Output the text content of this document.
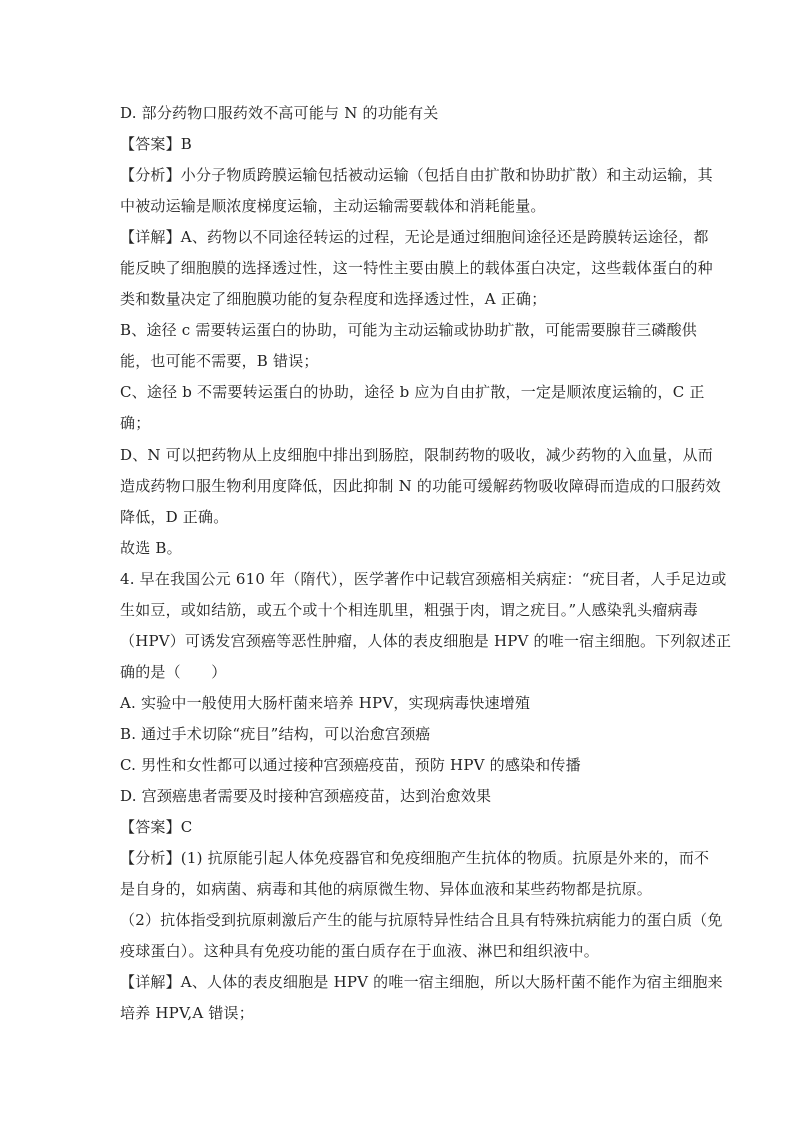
D. 部分药物口服药效不高可能与 N 的功能有关
【答案】B
【分析】小分子物质跨膜运输包括被动运输（包括自由扩散和协助扩散）和主动运输，其
中被动运输是顺浓度梯度运输，主动运输需要载体和消耗能量。
【详解】A、药物以不同途径转运的过程，无论是通过细胞间途径还是跨膜转运途径，都
能反映了细胞膜的选择透过性，这一特性主要由膜上的载体蛋白决定，这些载体蛋白的种
类和数量决定了细胞膜功能的复杂程度和选择透过性，A 正确；
B、途径 c 需要转运蛋白的协助，可能为主动运输或协助扩散，可能需要腺苷三磷酸供
能，也可能不需要，B 错误；
C、途径 b 不需要转运蛋白的协助，途径 b 应为自由扩散，一定是顺浓度运输的，C 正
确；
D、N 可以把药物从上皮细胞中排出到肠腔，限制药物的吸收，减少药物的入血量，从而
造成药物口服生物利用度降低，因此抑制 N 的功能可缓解药物吸收障碍而造成的口服药效
降低，D 正确。
故选 B。
4. 早在我国公元 610 年（隋代），医学著作中记载宫颈癌相关病症：“疣目者，人手足边或
生如豆，或如结筋，或五个或十个相连肌里，粗强于肉，谓之疣目。”人感染乳头瘤病毒
（HPV）可诱发宫颈癌等恶性肿瘤，人体的表皮细胞是 HPV 的唯一宿主细胞。下列叙述正
确的是（　　）
A. 实验中一般使用大肠杆菌来培养 HPV，实现病毒快速增殖
B. 通过手术切除“疣目”结构，可以治愈宫颈癌
C. 男性和女性都可以通过接种宫颈癌疫苗，预防 HPV 的感染和传播
D. 宫颈癌患者需要及时接种宫颈癌疫苗，达到治愈效果
【答案】C
【分析】(1) 抗原能引起人体免疫器官和免疫细胞产生抗体的物质。抗原是外来的，而不
是自身的，如病菌、病毒和其他的病原微生物、异体血液和某些药物都是抗原。
（2）抗体指受到抗原刺激后产生的能与抗原特异性结合且具有特殊抗病能力的蛋白质（免
疫球蛋白）。这种具有免疫功能的蛋白质存在于血液、淋巴和组织液中。
【详解】A、人体的表皮细胞是 HPV 的唯一宿主细胞，所以大肠杆菌不能作为宿主细胞来
培养 HPV,A 错误；
